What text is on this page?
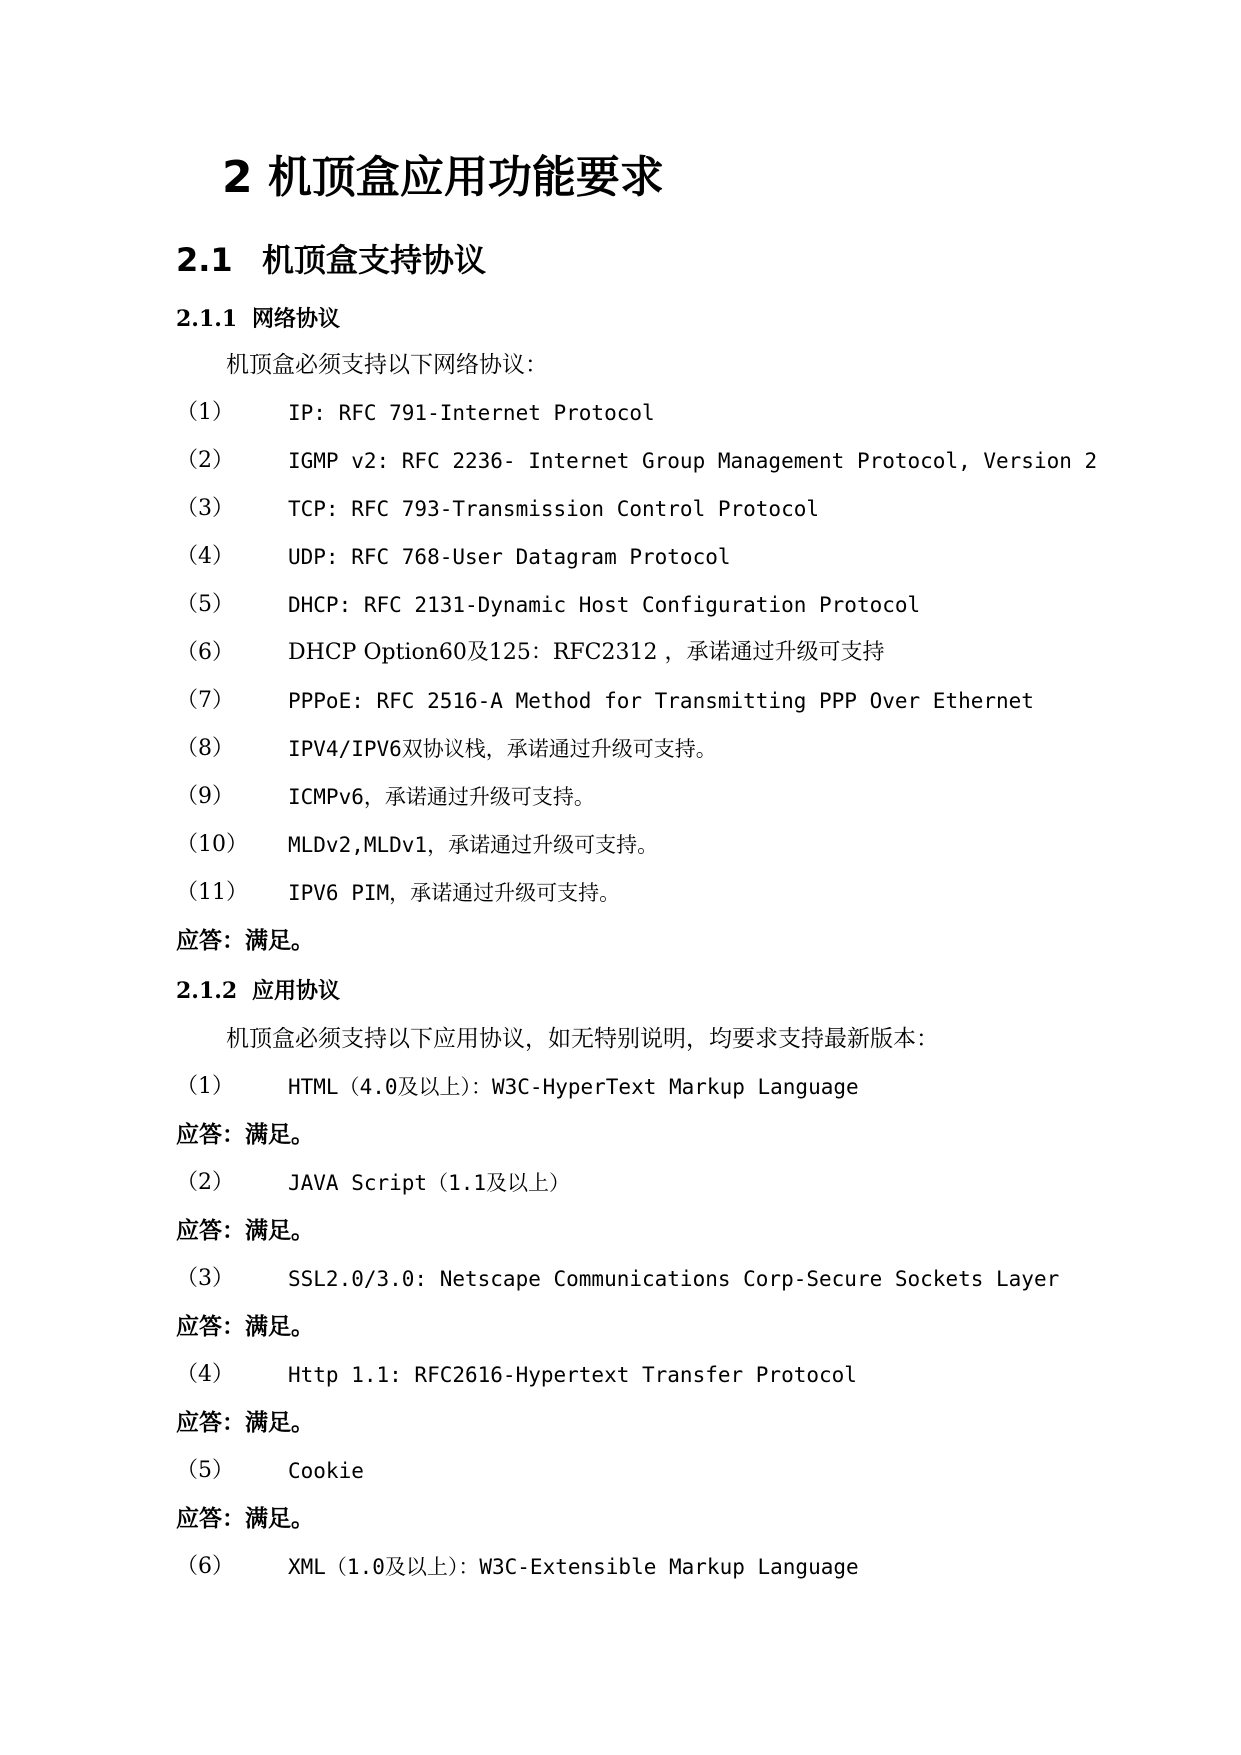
2 机顶盒应用功能要求
2.1 机顶盒支持协议
2.1.1 网络协议
机顶盒必须支持以下网络协议：
（1）	IP: RFC 791-Internet Protocol
（2）	IGMP v2: RFC 2236- Internet Group Management Protocol, Version 2
（3）	TCP: RFC 793-Transmission Control Protocol
（4）	UDP: RFC 768-User Datagram Protocol
（5）	DHCP: RFC 2131-Dynamic Host Configuration Protocol
（6） DHCP Option60及125：RFC2312 ，承诺通过升级可支持
（7）	PPPoE: RFC 2516-A Method for Transmitting PPP Over Ethernet
（8）	IPV4/IPV6双协议栈，承诺通过升级可支持。
（9）	ICMPv6，承诺通过升级可支持。
（10） MLDv2,MLDv1，承诺通过升级可支持。
（11） IPV6 PIM，承诺通过升级可支持。
应答：满足。
2.1.2 应用协议
机顶盒必须支持以下应用协议，如无特别说明，均要求支持最新版本：
（1）	HTML（4.0及以上）：W3C-HyperText Markup Language
应答：满足。
（2）	JAVA Script（1.1及以上）
应答：满足。
（3）	SSL2.0/3.0: Netscape Communications Corp-Secure Sockets Layer
应答：满足。
（4）	Http 1.1: RFC2616-Hypertext Transfer Protocol
应答：满足。
（5）	Cookie
应答：满足。
（6）	XML（1.0及以上）：W3C-Extensible Markup Language
